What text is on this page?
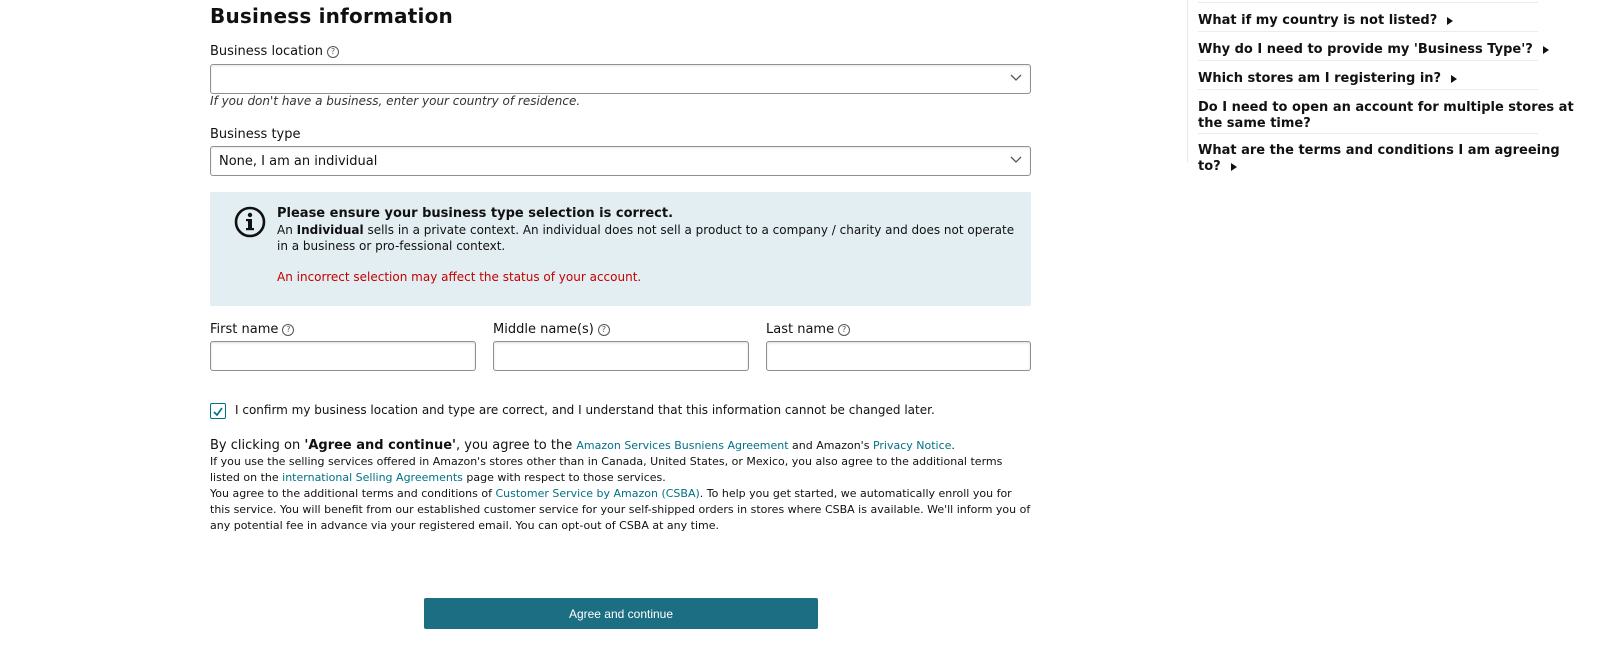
Business information
Business location ?
If you don't have a business, enter your country of residence.
Business type
None, I am an individual
Please ensure your business type selection is correct.
An Individual sells in a private context. An individual does not sell a product to a company / charity and does not operate in a business or pro-fessional context.
An incorrect selection may affect the status of your account.
First name ?	Middle name(s) ?	Last name ?
I confirm my business location and type are correct, and I understand that this information cannot be changed later.
By clicking on 'Agree and continue', you agree to the Amazon Services Busniens Agreement and Amazon's Privacy Notice.
If you use the selling services offered in Amazon's stores other than in Canada, United States, or Mexico, you also agree to the additional terms listed on the international Selling Agreements page with respect to those services.
You agree to the additional terms and conditions of Customer Service by Amazon (CSBA). To help you get started, we automatically enroll you for this service. You will benefit from our established customer service for your self-shipped orders in stores where CSBA is available. We'll inform you of any potential fee in advance via your registered email. You can opt-out of CSBA at any time.
Agree and continue
What if my country is not listed?
Why do I need to provide my 'Business Type'?
Which stores am I registering in?
Do I need to open an account for multiple stores at the same time?
What are the terms and conditions I am agreeing to?
